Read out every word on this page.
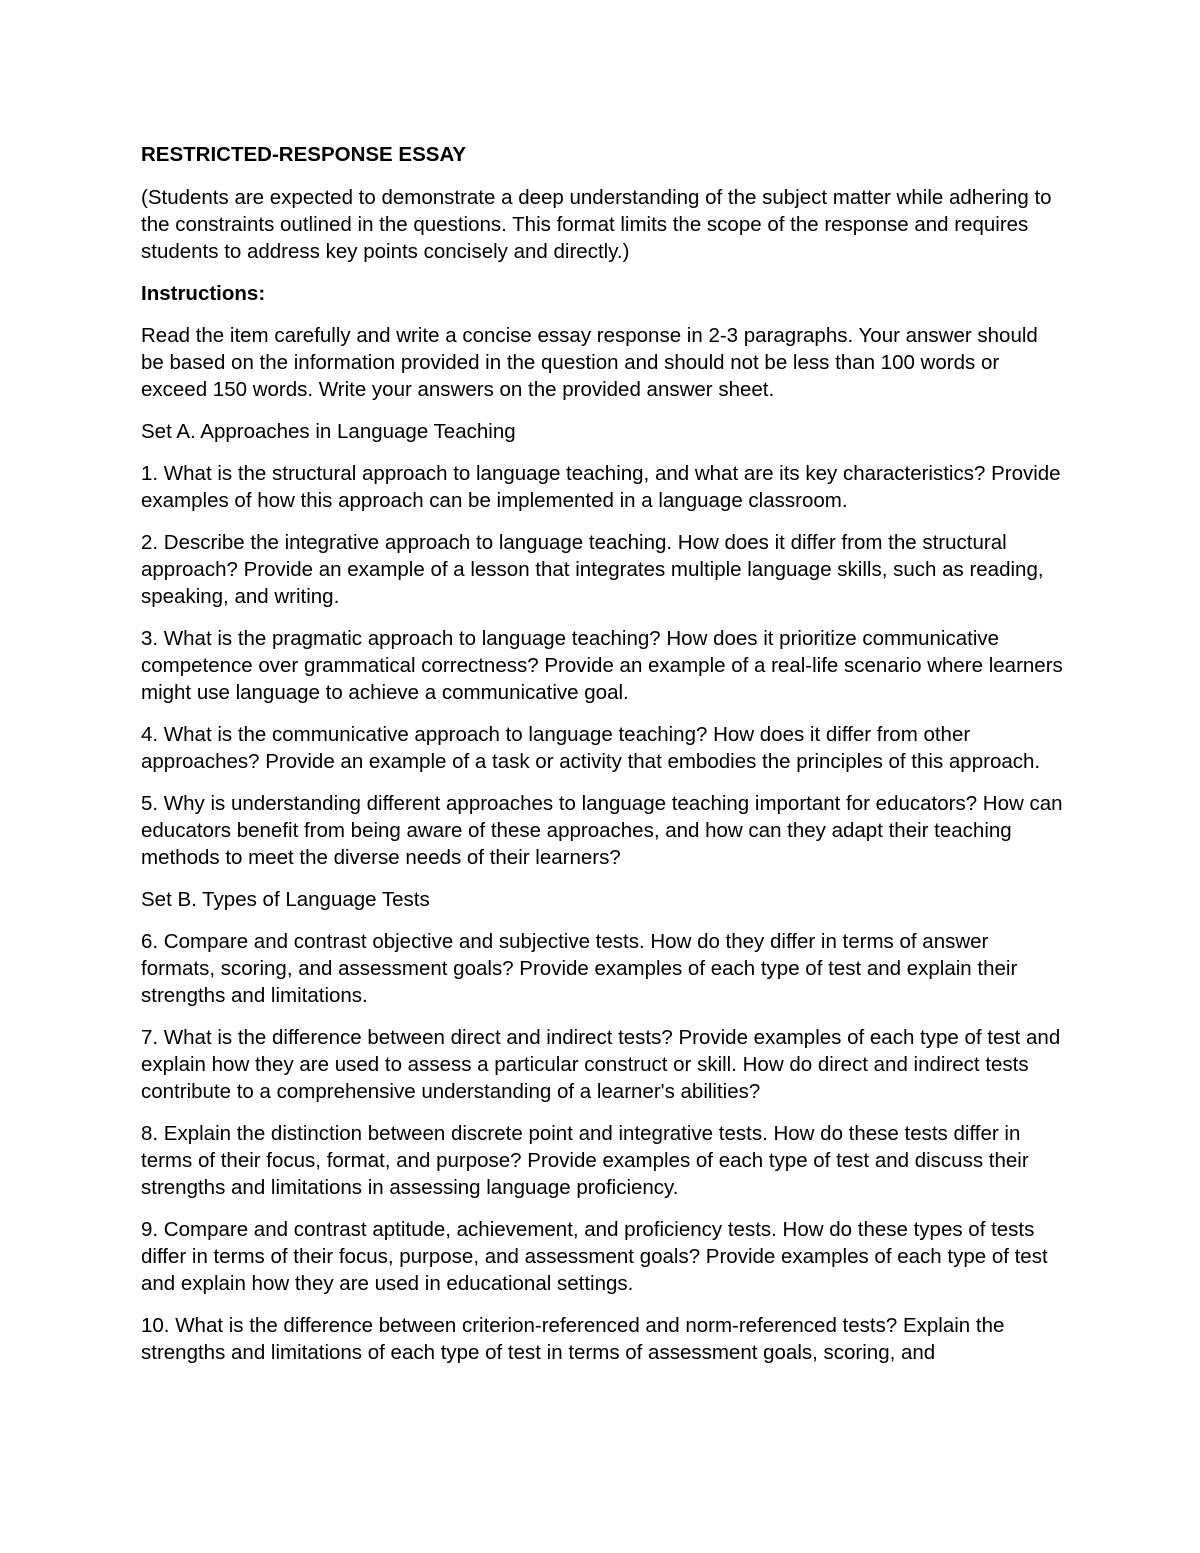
RESTRICTED-RESPONSE ESSAY

(Students are expected to demonstrate a deep understanding of the subject matter while adhering to the constraints outlined in the questions. This format limits the scope of the response and requires students to address key points concisely and directly.)

Instructions:

Read the item carefully and write a concise essay response in 2-3 paragraphs. Your answer should be based on the information provided in the question and should not be less than 100 words or exceed 150 words. Write your answers on the provided answer sheet.

Set A. Approaches in Language Teaching

1. What is the structural approach to language teaching, and what are its key characteristics? Provide examples of how this approach can be implemented in a language classroom.

2. Describe the integrative approach to language teaching. How does it differ from the structural approach? Provide an example of a lesson that integrates multiple language skills, such as reading, speaking, and writing.

3. What is the pragmatic approach to language teaching? How does it prioritize communicative competence over grammatical correctness? Provide an example of a real-life scenario where learners might use language to achieve a communicative goal.

4. What is the communicative approach to language teaching? How does it differ from other approaches? Provide an example of a task or activity that embodies the principles of this approach.

5. Why is understanding different approaches to language teaching important for educators? How can educators benefit from being aware of these approaches, and how can they adapt their teaching methods to meet the diverse needs of their learners?

Set B. Types of Language Tests

6. Compare and contrast objective and subjective tests. How do they differ in terms of answer formats, scoring, and assessment goals? Provide examples of each type of test and explain their strengths and limitations.

7. What is the difference between direct and indirect tests? Provide examples of each type of test and explain how they are used to assess a particular construct or skill. How do direct and indirect tests contribute to a comprehensive understanding of a learner's abilities?

8. Explain the distinction between discrete point and integrative tests. How do these tests differ in terms of their focus, format, and purpose? Provide examples of each type of test and discuss their strengths and limitations in assessing language proficiency.

9. Compare and contrast aptitude, achievement, and proficiency tests. How do these types of tests differ in terms of their focus, purpose, and assessment goals? Provide examples of each type of test and explain how they are used in educational settings.

10. What is the difference between criterion-referenced and norm-referenced tests? Explain the strengths and limitations of each type of test in terms of assessment goals, scoring, and
